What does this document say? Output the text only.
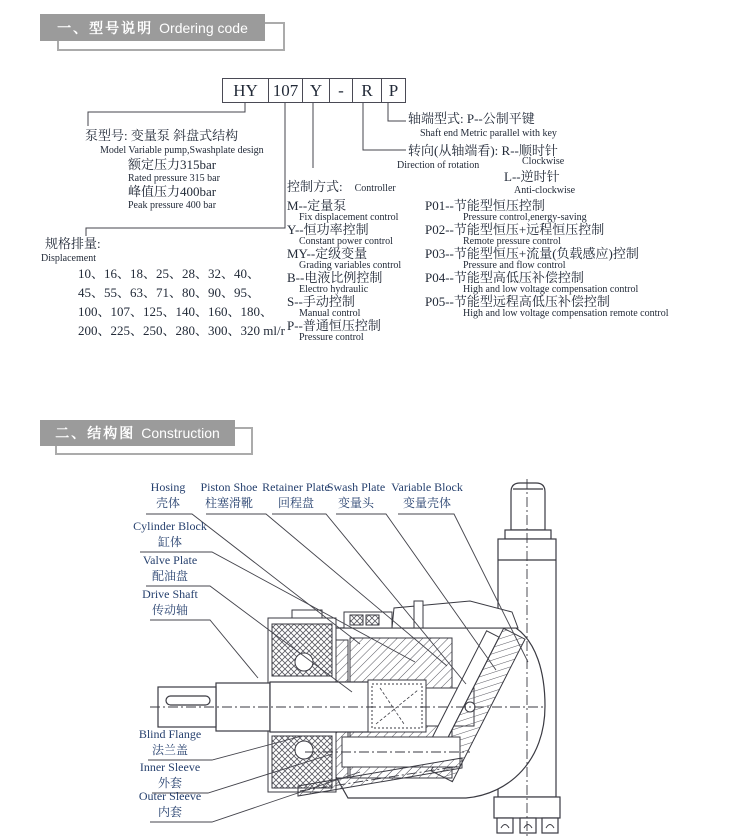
一、型号说明 Ordering code
HY 107 Y -	R P
泵型号: 变量泵 斜盘式结构
Model Variable pump,Swashplate design
额定压力315bar
Rated pressure 315 bar
峰值压力400bar
Peak pressure 400 bar
规格排量:
Displacement
10、16、18、25、28、32、40、
45、55、63、71、80、90、95、
100、107、125、140、160、180、
200、225、250、280、300、320 ml/r
控制方式: Controller
M--定量泵
Fix displacement control
Y--恒功率控制
Constant power control
MY--定级变量
Grading variables control
B--电液比例控制
Electro hydraulic
S--手动控制
Manual control
P--普通恒压控制
Pressure control
P01--节能型恒压控制
Pressure control,energy-saving
P02--节能型恒压+远程恒压控制
Remote pressure control
P03--节能型恒压+流量(负载感应)控制
Pressure and flow control
P04--节能型高低压补偿控制
High and low voltage compensation control
P05--节能型远程高低压补偿控制
High and low voltage compensation remote control
轴端型式: P--公制平键
Shaft end Metric parallel with key
转向(从轴端看): R--顺时针
Direction of rotation	Clockwise
L--逆时针
Anti-clockwise
二、结构图 Construction
Hosing
壳体
Piston Shoe
柱塞滑靴
Retainer Plate
回程盘
Swash Plate
变量头
Variable Block
变量壳体
Cylinder Block
缸体
Valve Plate
配油盘
Drive Shaft
传动轴
Blind Flange
法兰盖
Inner Sleeve
外套
Outer Sleeve
内套
